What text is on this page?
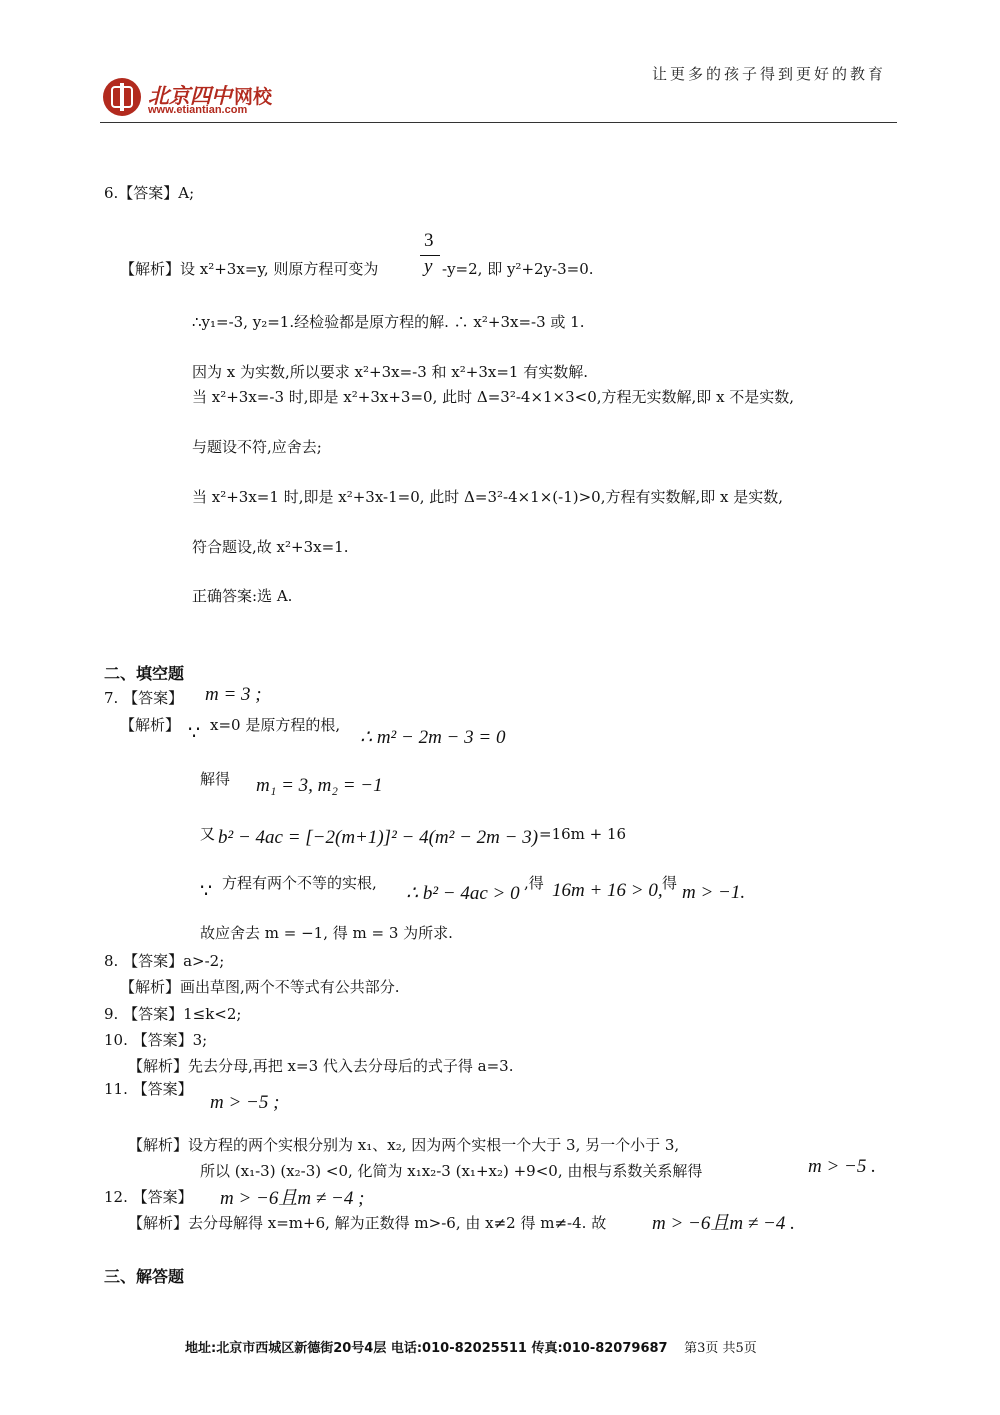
北京四中 网校
www.etiantian.com
让更多的孩子得到更好的教育
6.【答案】A;
【解析】设 x²+3x=y, 则原方程可变为
3
y -y=2, 即 y²+2y-3=0.
∴y₁=-3, y₂=1.经检验都是原方程的解. ∴ x²+3x=-3 或 1.
因为 x 为实数,所以要求 x²+3x=-3 和 x²+3x=1 有实数解.
当 x²+3x=-3 时,即是 x²+3x+3=0, 此时 Δ=3²-4×1×3<0,方程无实数解,即 x 不是实数,
与题设不符,应舍去;
当 x²+3x=1 时,即是 x²+3x-1=0, 此时 Δ=3²-4×1×(-1)>0,方程有实数解,即 x 是实数,
符合题设,故 x²+3x=1.
正确答案:选 A.
二、填空题
7. 【答案】 m = 3 ;
【解析】 ∵ x=0 是原方程的根,
∴ m² − 2m − 3 = 0
解得 m₁ = 3, m₂ = −1
又 b² − 4ac = [−2(m+1)]² − 4(m² − 2m − 3) =16m + 16
∵ 方程有两个不等的实根, ∴ b² − 4ac > 0 ,得 16m + 16 > 0, 得 m > −1.
故应舍去 m = −1, 得 m = 3 为所求.
8. 【答案】a>-2;
【解析】画出草图,两个不等式有公共部分.
9. 【答案】1≤k<2;
10. 【答案】3;
【解析】先去分母,再把 x=3 代入去分母后的式子得 a=3.
11. 【答案】
m > −5 ;
【解析】设方程的两个实根分别为 x₁、x₂, 因为两个实根一个大于 3, 另一个小于 3,
所以 (x₁-3) (x₂-3) <0, 化简为 x₁x₂-3 (x₁+x₂) +9<0, 由根与系数关系解得	m > −5 .
12. 【答案】 m > −6且m ≠ −4 ;
【解析】去分母解得 x=m+6, 解为正数得 m>-6, 由 x≠2 得 m≠-4. 故 m > −6且m ≠ −4 .
三、解答题
地址:北京市西城区新德街20号4层 电话:010-82025511 传真:010-82079687 第3页 共5页
